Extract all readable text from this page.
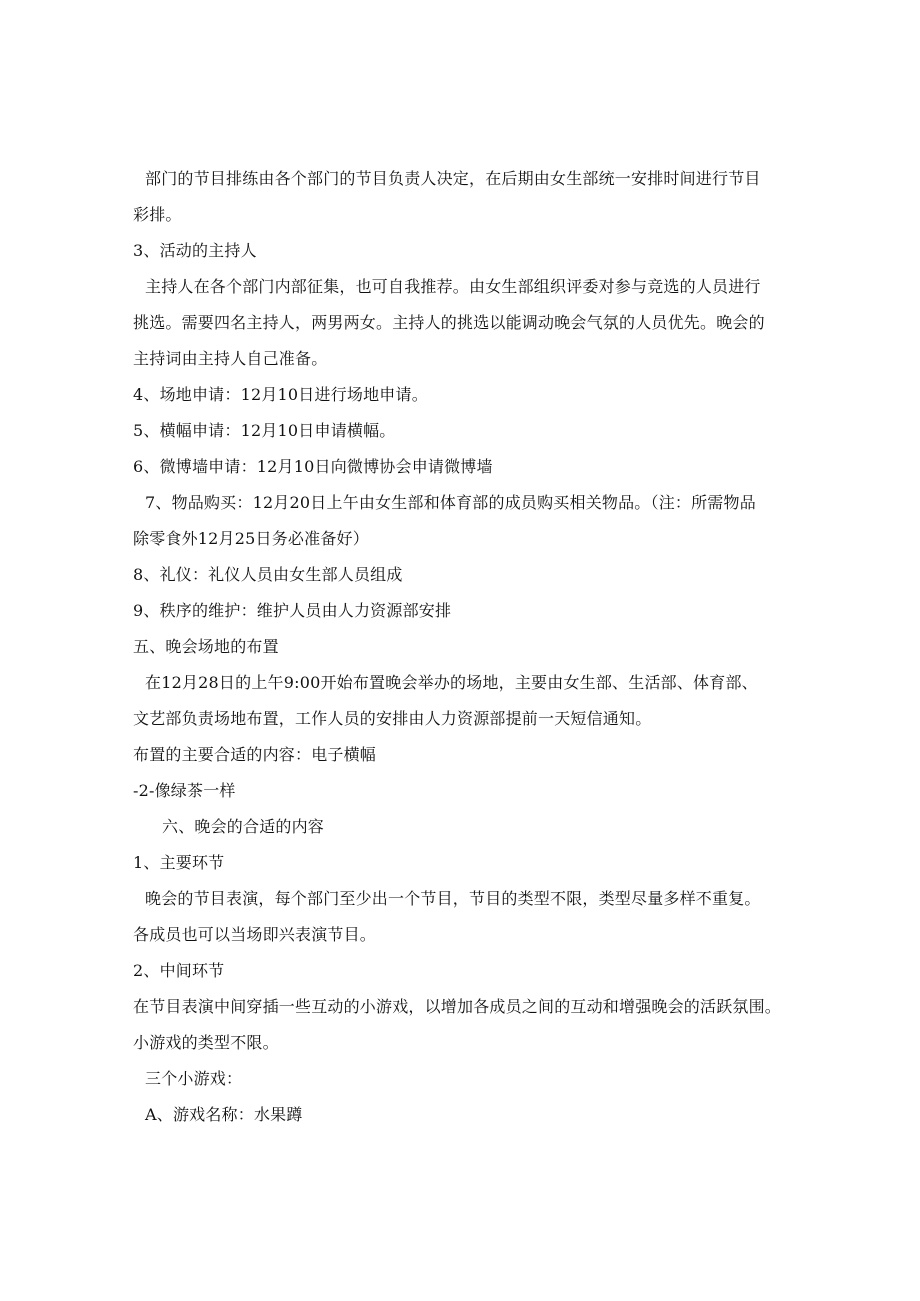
部门的节目排练由各个部门的节目负责人决定，在后期由女生部统一安排时间进行节目
彩排。
3、活动的主持人
主持人在各个部门内部征集，也可自我推荐。由女生部组织评委对参与竞选的人员进行
挑选。需要四名主持人，两男两女。主持人的挑选以能调动晚会气氛的人员优先。晚会的
主持词由主持人自己准备。
4、场地申请：12月10日进行场地申请。
5、横幅申请：12月10日申请横幅。
6、微博墙申请：12月10日向微博协会申请微博墙
7、物品购买：12月20日上午由女生部和体育部的成员购买相关物品。（注：所需物品
除零食外12月25日务必准备好）
8、礼仪：礼仪人员由女生部人员组成
9、秩序的维护：维护人员由人力资源部安排
五、晚会场地的布置
在12月28日的上午9:00开始布置晚会举办的场地，主要由女生部、生活部、体育部、
文艺部负责场地布置，工作人员的安排由人力资源部提前一天短信通知。
布置的主要合适的内容：电子横幅
-2-像绿茶一样
六、晚会的合适的内容
1、主要环节
晚会的节目表演，每个部门至少出一个节目，节目的类型不限，类型尽量多样不重复。
各成员也可以当场即兴表演节目。
2、中间环节
在节目表演中间穿插一些互动的小游戏，以增加各成员之间的互动和增强晚会的活跃氛围。
小游戏的类型不限。
三个小游戏：
A、游戏名称：水果蹲
